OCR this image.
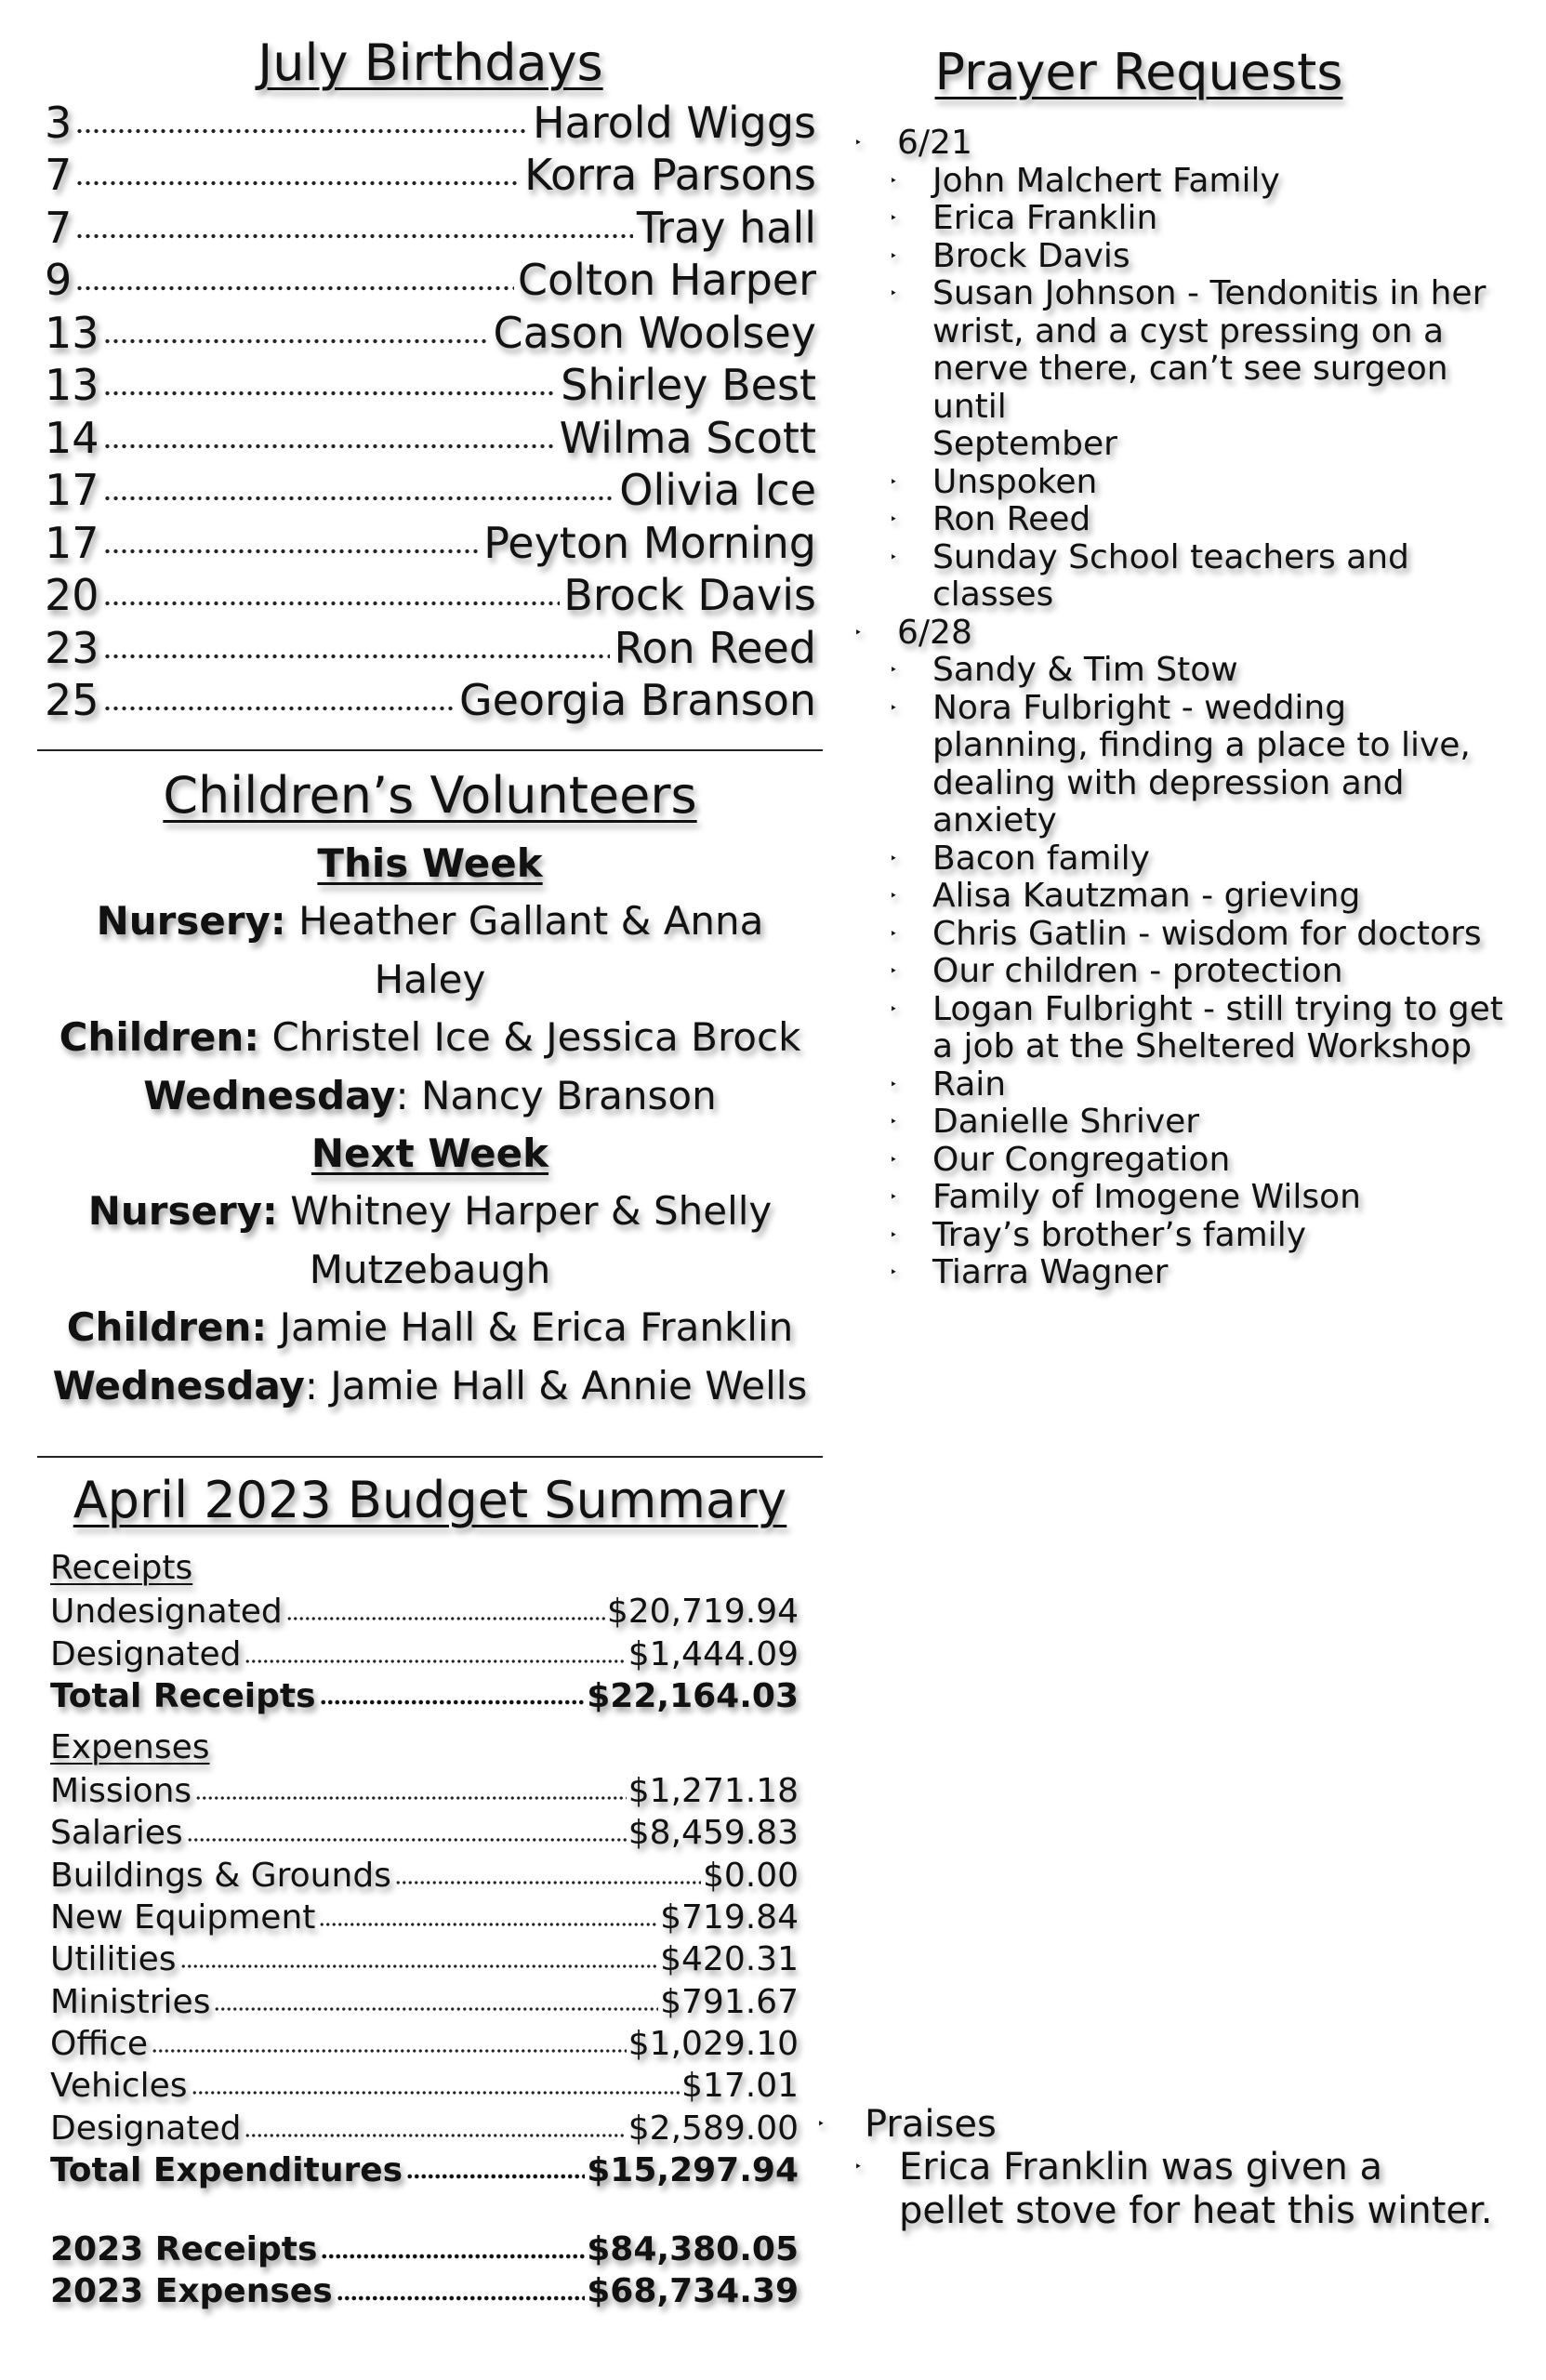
July Birthdays
3	Harold Wiggs
7	Korra Parsons
7	Tray hall
9	Colton Harper
13	Cason Woolsey
13	Shirley Best
14	Wilma Scott
17	Olivia Ice
17	Peyton Morning
20	Brock Davis
23	Ron Reed
25	Georgia Branson
Children’s Volunteers
This Week
Nursery: Heather Gallant & Anna
Haley
Children: Christel Ice & Jessica Brock
Wednesday: Nancy Branson
Next Week
Nursery: Whitney Harper & Shelly
Mutzebaugh
Children: Jamie Hall & Erica Franklin
Wednesday: Jamie Hall & Annie Wells
April 2023 Budget Summary
Receipts
Undesignated	$20,719.94
Designated	$1,444.09
Total Receipts	$22,164.03
Expenses
Missions	$1,271.18
Salaries	$8,459.83
Buildings & Grounds	$0.00
New Equipment	$719.84
Utilities	$420.31
Ministries	$791.67
Office	$1,029.10
Vehicles	$17.01
Designated	$2,589.00
Total Expenditures	$15,297.94
2023 Receipts	$84,380.05
2023 Expenses	$68,734.39
Prayer Requests
‣ 6/21
‣ John Malchert Family
‣ Erica Franklin
‣ Brock Davis
‣ Susan Johnson - Tendonitis in her
wrist, and a cyst pressing on a
nerve there, can’t see surgeon until
September
‣ Unspoken
‣ Ron Reed
‣ Sunday School teachers and
classes
‣ 6/28
‣ Sandy & Tim Stow
‣ Nora Fulbright - wedding
planning, finding a place to live,
dealing with depression and
anxiety
‣ Bacon family
‣ Alisa Kautzman - grieving
‣ Chris Gatlin - wisdom for doctors
‣ Our children - protection
‣ Logan Fulbright - still trying to get
a job at the Sheltered Workshop
‣ Rain
‣ Danielle Shriver
‣ Our Congregation
‣ Family of Imogene Wilson
‣ Tray’s brother’s family
‣ Tiarra Wagner
‣ Praises
‣ Erica Franklin was given a
pellet stove for heat this winter.
